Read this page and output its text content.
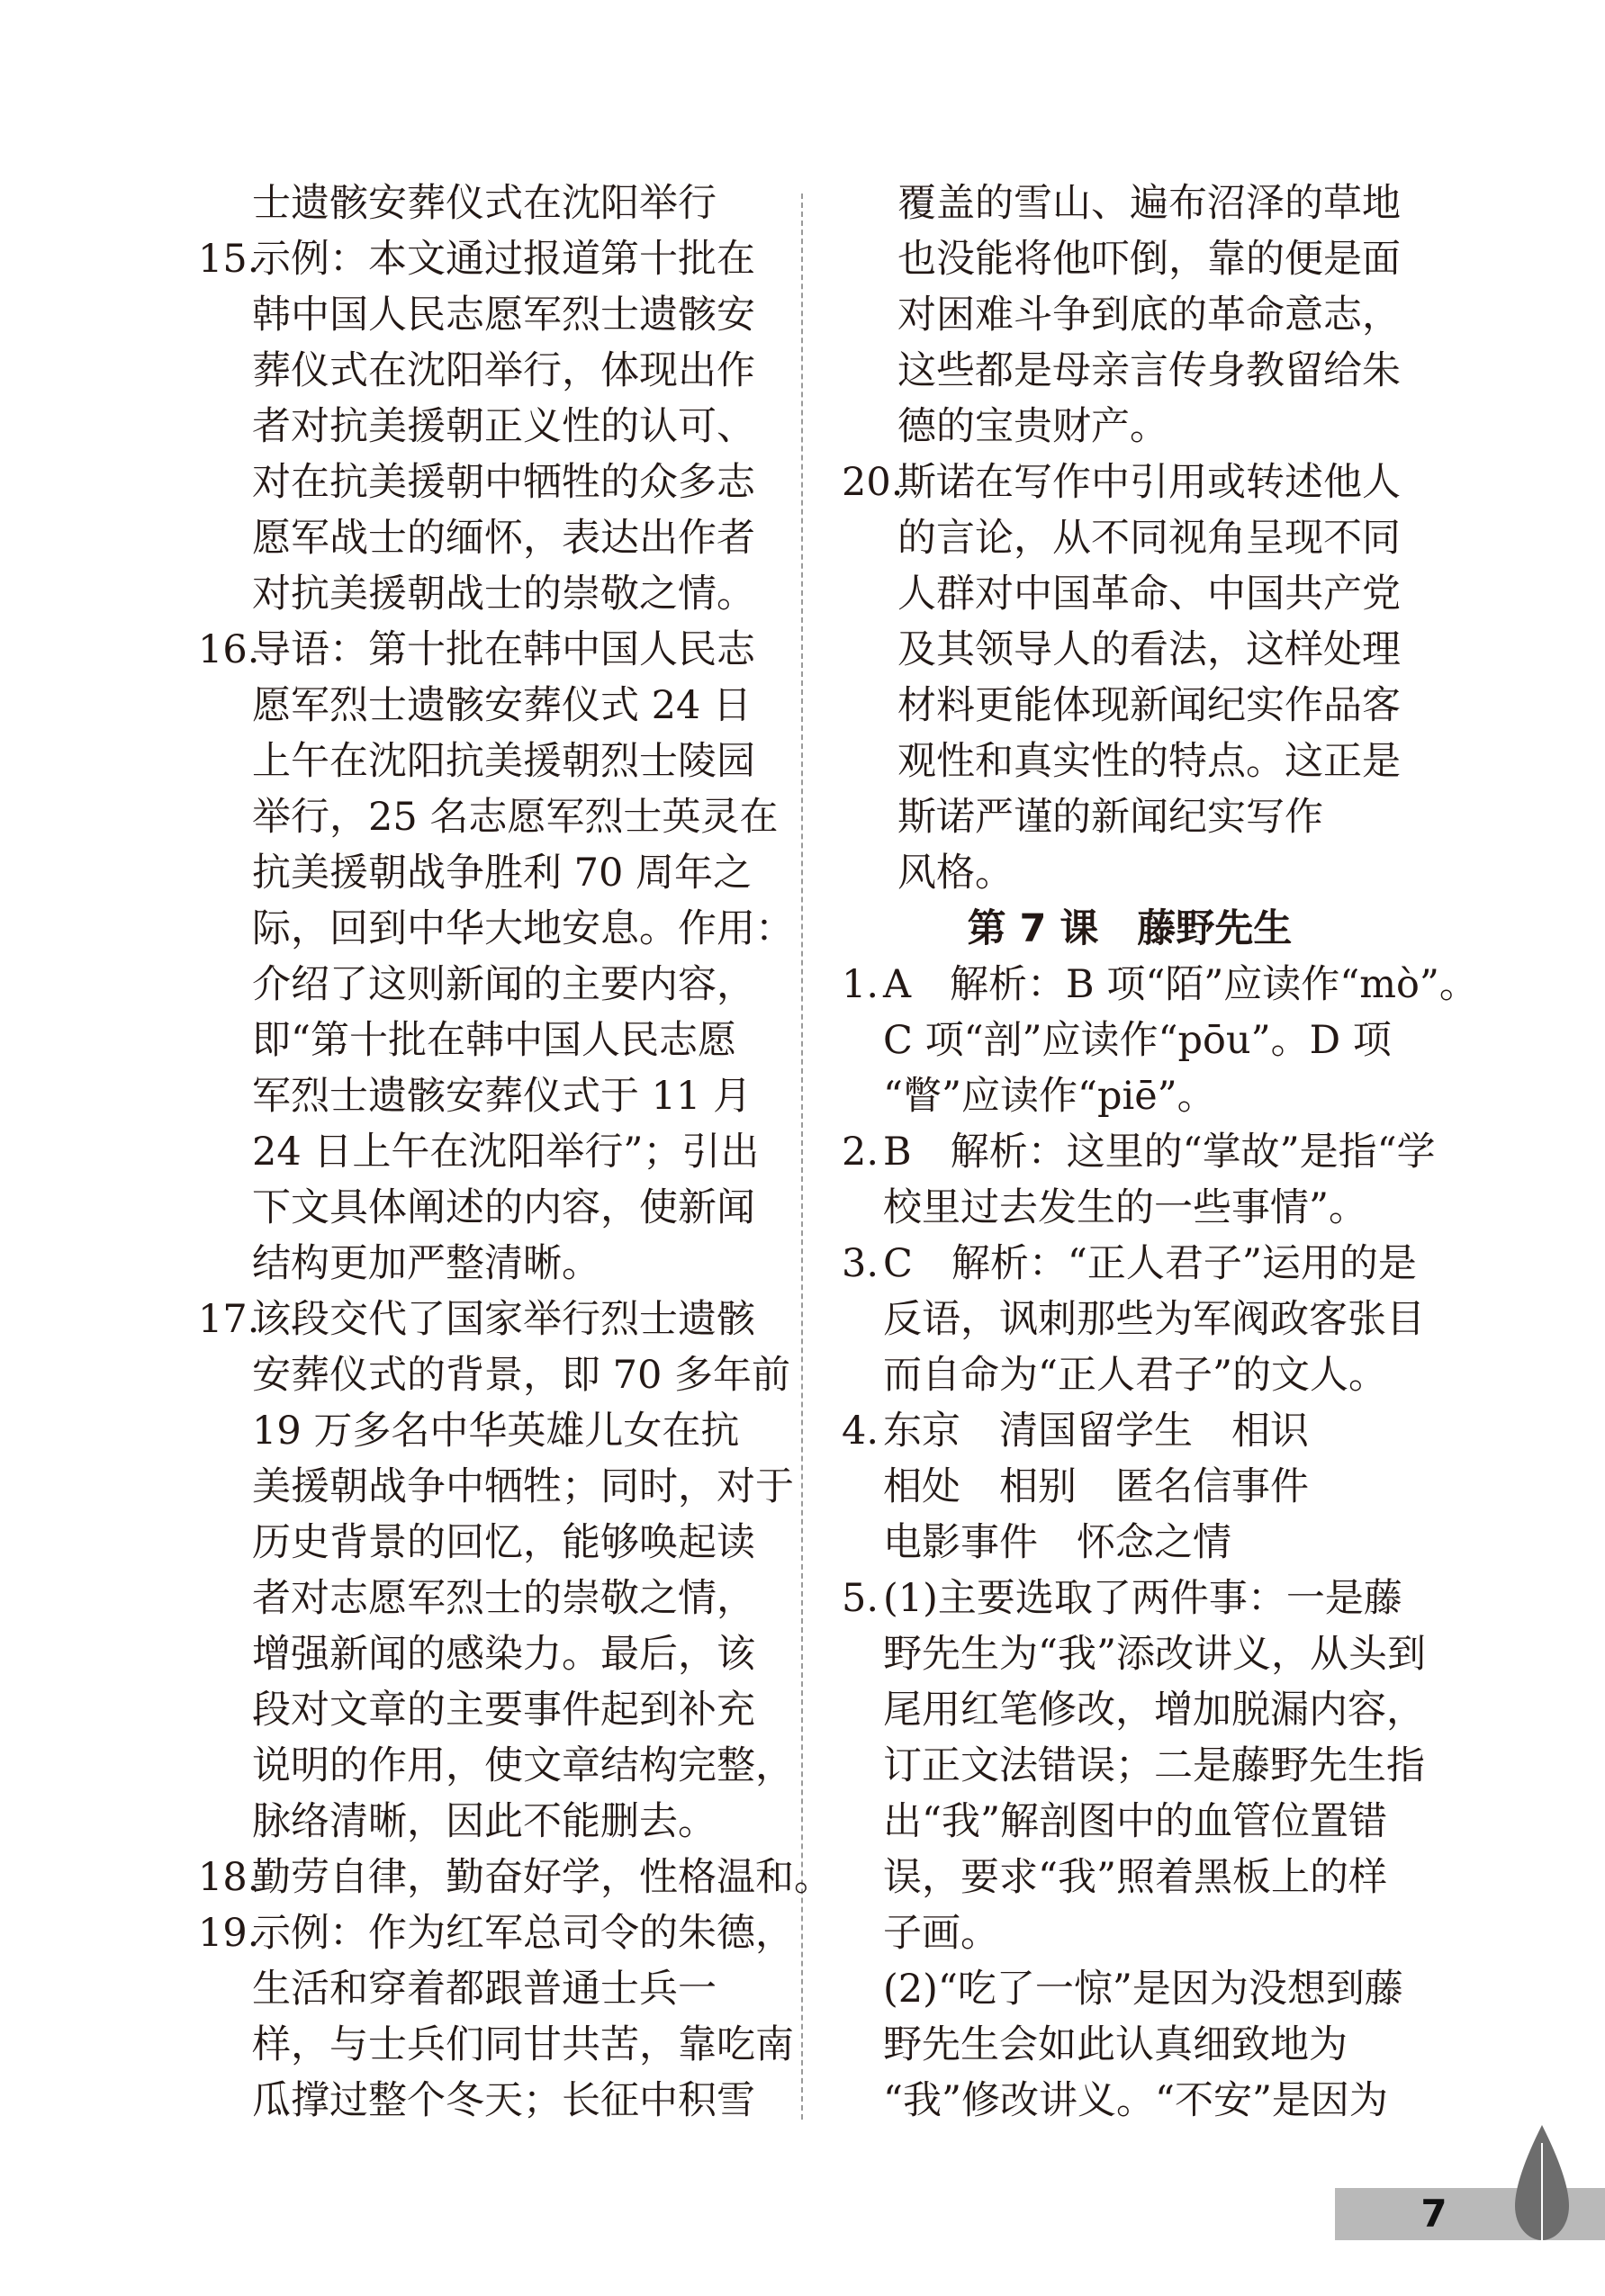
士遗骸安葬仪式在沈阳举行
15.示例：本文通过报道第十批在
韩中国人民志愿军烈士遗骸安
葬仪式在沈阳举行，体现出作
者对抗美援朝正义性的认可、
对在抗美援朝中牺牲的众多志
愿军战士的缅怀，表达出作者
对抗美援朝战士的崇敬之情。
16.导语：第十批在韩中国人民志
愿军烈士遗骸安葬仪式 24 日
上午在沈阳抗美援朝烈士陵园
举行，25 名志愿军烈士英灵在
抗美援朝战争胜利 70 周年之
际，回到中华大地安息。作用：
介绍了这则新闻的主要内容，
即“第十批在韩中国人民志愿
军烈士遗骸安葬仪式于 11 月
24 日上午在沈阳举行”；引出
下文具体阐述的内容，使新闻
结构更加严整清晰。
17.该段交代了国家举行烈士遗骸
安葬仪式的背景，即 70 多年前
19 万多名中华英雄儿女在抗
美援朝战争中牺牲；同时，对于
历史背景的回忆，能够唤起读
者对志愿军烈士的崇敬之情，
增强新闻的感染力。最后，该
段对文章的主要事件起到补充
说明的作用，使文章结构完整，
脉络清晰，因此不能删去。
18.勤劳自律，勤奋好学，性格温和。
19.示例：作为红军总司令的朱德，
生活和穿着都跟普通士兵一
样，与士兵们同甘共苦，靠吃南
瓜撑过整个冬天；长征中积雪
覆盖的雪山、遍布沼泽的草地
也没能将他吓倒，靠的便是面
对困难斗争到底的革命意志，
这些都是母亲言传身教留给朱
德的宝贵财产。
20.斯诺在写作中引用或转述他人
的言论，从不同视角呈现不同
人群对中国革命、中国共产党
及其领导人的看法，这样处理
材料更能体现新闻纪实作品客
观性和真实性的特点。这正是
斯诺严谨的新闻纪实写作
风格。
第 7 课　藤野先生
1. A　解析：B 项“陌”应读作“mò”。
C 项“剖”应读作“pōu”。D 项
“瞥”应读作“piē”。
2. B　解析：这里的“掌故”是指“学
校里过去发生的一些事情”。
3. C　解析：“正人君子”运用的是
反语，讽刺那些为军阀政客张目
而自命为“正人君子”的文人。
4. 东京　清国留学生　相识
相处　相别　匿名信事件
电影事件　怀念之情
5. (1)主要选取了两件事：一是藤
野先生为“我”添改讲义，从头到
尾用红笔修改，增加脱漏内容，
订正文法错误；二是藤野先生指
出“我”解剖图中的血管位置错
误，要求“我”照着黑板上的样
子画。
(2)“吃了一惊”是因为没想到藤
野先生会如此认真细致地为
“我”修改讲义。“不安”是因为
7
